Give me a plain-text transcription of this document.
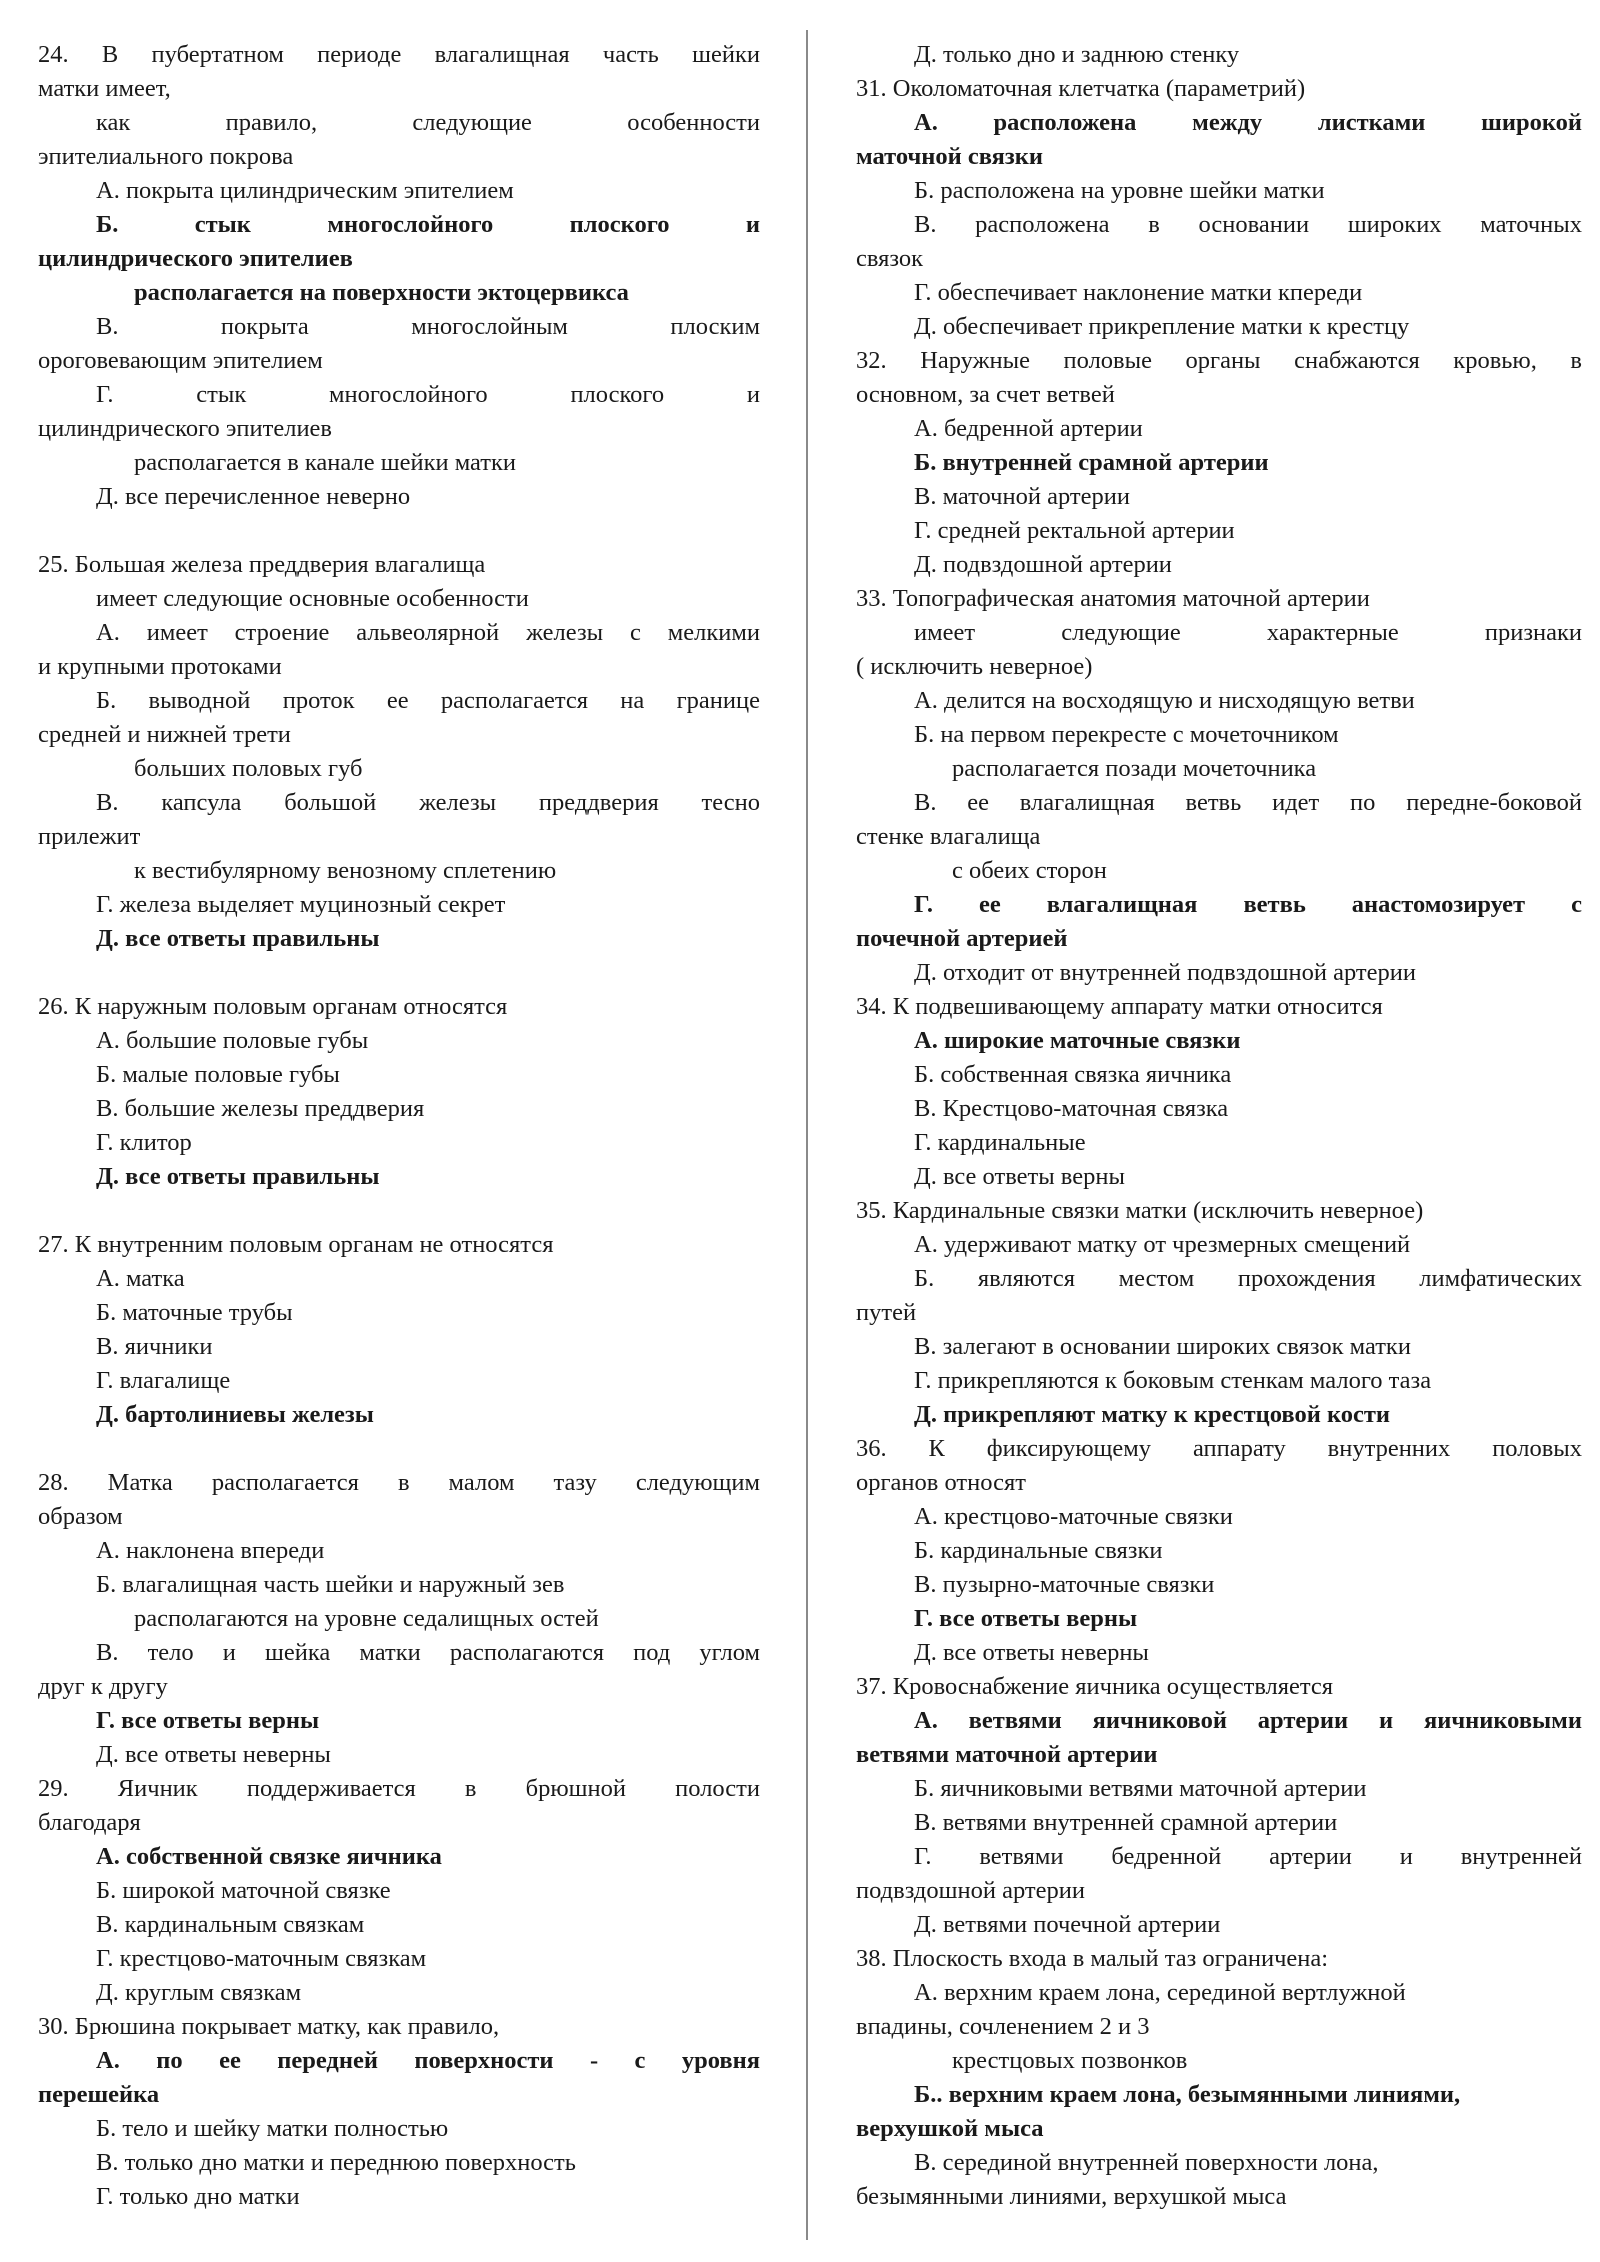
24. В пубертатном периоде влагалищная часть шейки
матки имеет,
как правило, следующие особенности
эпителиального покрова
А. покрыта цилиндрическим эпителием
Б. стык многослойного плоского и
цилиндрического эпителиев
располагается на поверхности эктоцервикса
В. покрыта многослойным плоским
ороговевающим эпителием
Г. стык многослойного плоского и
цилиндрического эпителиев
располагается в канале шейки матки
Д. все перечисленное неверно
25. Большая железа преддверия влагалища
имеет следующие основные особенности
А. имеет строение альвеолярной железы с мелкими
и крупными протоками
Б. выводной проток ее располагается на границе
средней и нижней трети
больших половых губ
В. капсула большой железы преддверия тесно
прилежит
к вестибулярному венозному сплетению
Г. железа выделяет муцинозный секрет
Д. все ответы правильны
26. К наружным половым органам относятся
А. большие половые губы
Б. малые половые губы
В. большие железы преддверия
Г. клитор
Д. все ответы правильны
27. К внутренним половым органам не относятся
А. матка
Б. маточные трубы
В. яичники
Г. влагалище
Д. бартолиниевы железы
28. Матка располагается в малом тазу следующим
образом
А. наклонена впереди
Б. влагалищная часть шейки и наружный зев
располагаются на уровне седалищных остей
В. тело и шейка матки располагаются под углом
друг к другу
Г. все ответы верны
Д. все ответы неверны
29. Яичник поддерживается в брюшной полости
благодаря
А. собственной связке яичника
Б. широкой маточной связке
В. кардинальным связкам
Г. крестцово-маточным связкам
Д. круглым связкам
30. Брюшина покрывает матку, как правило,
А. по ее передней поверхности - с уровня
перешейка
Б. тело и шейку матки полностью
В. только дно матки и переднюю поверхность
Г. только дно матки
Д. только дно и заднюю стенку
31. Околоматочная клетчатка (параметрий)
А. расположена между листками широкой
маточной связки
Б. расположена на уровне шейки матки
В. расположена в основании широких маточных
связок
Г. обеспечивает наклонение матки кпереди
Д. обеспечивает прикрепление матки к крестцу
32. Наружные половые органы снабжаются кровью, в
основном, за счет ветвей
А. бедренной артерии
Б. внутренней срамной артерии
В. маточной артерии
Г. средней ректальной артерии
Д. подвздошной артерии
33. Топографическая анатомия маточной артерии
имеет следующие характерные признаки
( исключить неверное)
А. делится на восходящую и нисходящую ветви
Б. на первом перекресте с мочеточником
располагается позади мочеточника
В. ее влагалищная ветвь идет по передне-боковой
стенке влагалища
с обеих сторон
Г. ее влагалищная ветвь анастомозирует с
почечной артерией
Д. отходит от внутренней подвздошной артерии
34. К подвешивающему аппарату матки относится
А. широкие маточные связки
Б. собственная связка яичника
В. Крестцово-маточная связка
Г. кардинальные
Д. все ответы верны
35. Кардинальные связки матки (исключить неверное)
А. удерживают матку от чрезмерных смещений
Б. являются местом прохождения лимфатических
путей
В. залегают в основании широких связок матки
Г. прикрепляются к боковым стенкам малого таза
Д. прикрепляют матку к крестцовой кости
36. К фиксирующему аппарату внутренних половых
органов относят
А. крестцово-маточные связки
Б. кардинальные связки
В. пузырно-маточные связки
Г. все ответы верны
Д. все ответы неверны
37. Кровоснабжение яичника осуществляется
А. ветвями яичниковой артерии и яичниковыми
ветвями маточной артерии
Б. яичниковыми ветвями маточной артерии
В. ветвями внутренней срамной артерии
Г. ветвями бедренной артерии и внутренней
подвздошной артерии
Д. ветвями почечной артерии
38. Плоскость входа в малый таз ограничена:
А. верхним краем лона, серединой вертлужной
впадины, сочленением 2 и 3
крестцовых позвонков
Б.. верхним краем лона, безымянными линиями,
верхушкой мыса
В. серединой внутренней поверхности лона,
безымянными линиями, верхушкой мыса
